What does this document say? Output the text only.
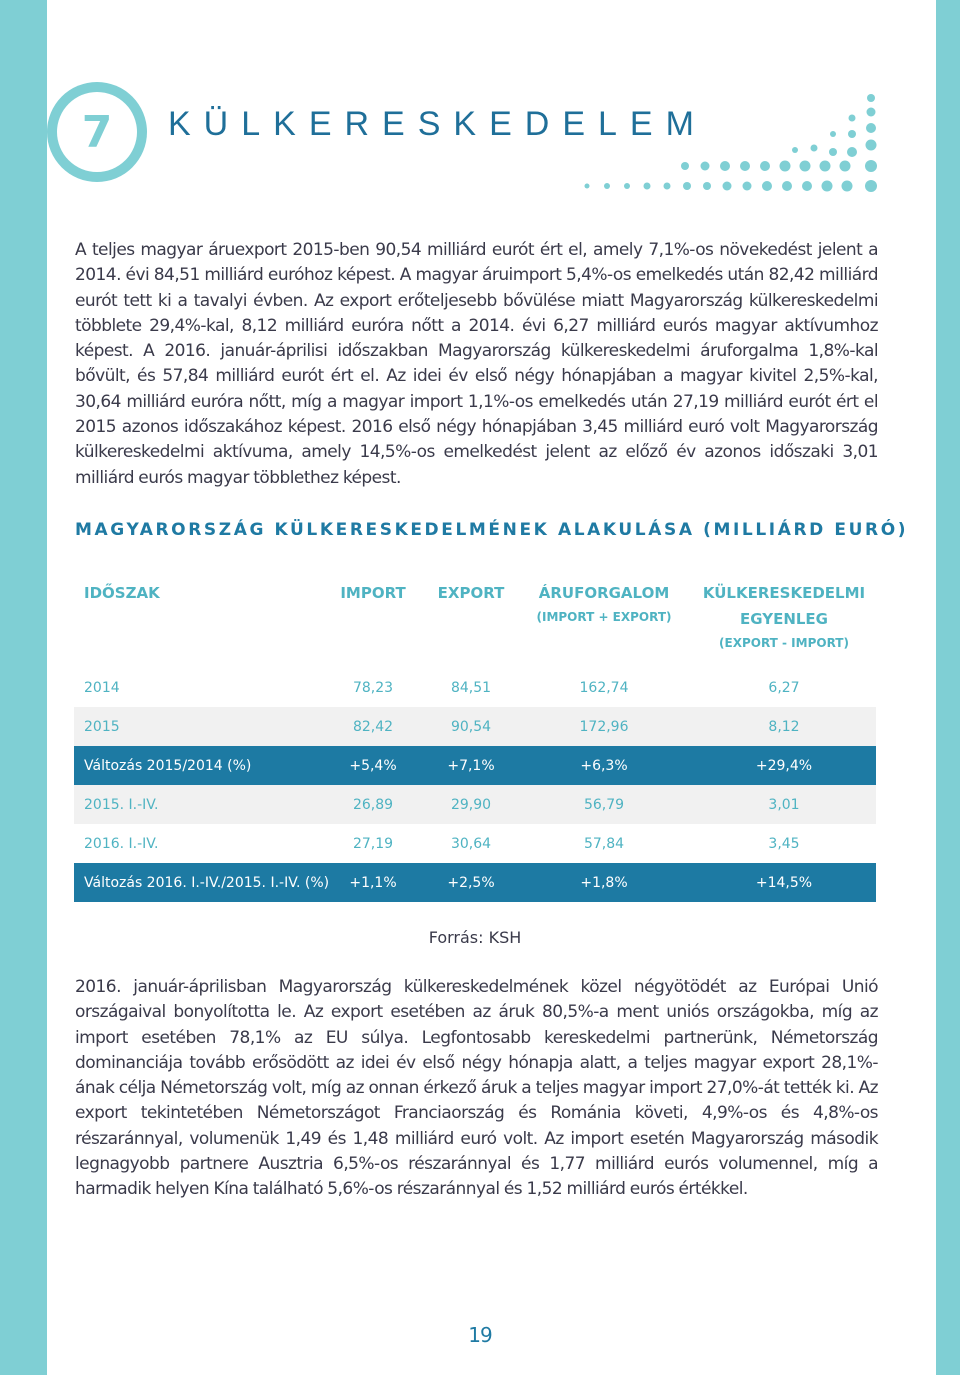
7 KÜLKERESKEDELEM

A teljes magyar áruexport 2015-ben 90,54 milliárd eurót ért el, amely 7,1%-os növekedést jelent a 2014. évi 84,51 milliárd euróhoz képest. A magyar áruimport 5,4%-os emelkedés után 82,42 milliárd eurót tett ki a tavalyi évben. Az export erőteljesebb bővülése miatt Magyarország külkereskedelmi többlete 29,4%-kal, 8,12 milliárd euróra nőtt a 2014. évi 6,27 milliárd eurós magyar aktívumhoz képest. A 2016. január-áprilisi időszakban Magyarország külkereskedelmi áruforgalma 1,8%-kal bővült, és 57,84 milliárd eurót ért el. Az idei év első négy hónapjában a magyar kivitel 2,5%-kal, 30,64 milliárd euróra nőtt, míg a magyar import 1,1%-os emelkedés után 27,19 milliárd eurót ért el 2015 azonos időszakához képest. 2016 első négy hónapjában 3,45 milliárd euró volt Magyarország külkereskedelmi aktívuma, amely 14,5%-os emelkedést jelent az előző év azonos időszaki 3,01 milliárd eurós magyar többlethez képest.

MAGYARORSZÁG KÜLKERESKEDELMÉNEK ALAKULÁSA (MILLIÁRD EURÓ)
IDŐSZAK	IMPORT	EXPORT	ÁRUFORGALOM
(IMPORT + EXPORT)
KÜLKERESKEDELMI
EGYENLEG
(EXPORT - IMPORT)
2014	78,23	84,51	162,74	6,27
2015	82,42	90,54	172,96	8,12
Változás 2015/2014 (%)	+5,4%	+7,1%	+6,3%	+29,4%
2015. I.-IV.	26,89	29,90	56,79	3,01
2016. I.-IV.	27,19	30,64	57,84	3,45
Változás 2016. I.-IV./2015. I.-IV. (%)	+1,1%	+2,5%	+1,8%	+14,5%
Forrás: KSH

2016. január-áprilisban Magyarország külkereskedelmének közel négyötödét az Európai Unió országaival bonyolította le. Az export esetében az áruk 80,5%-a ment uniós országokba, míg az import esetében 78,1% az EU súlya. Legfontosabb kereskedelmi partnerünk, Németország dominanciája tovább erősödött az idei év első négy hónapja alatt, a teljes magyar export 28,1%-ának célja Németország volt, míg az onnan érkező áruk a teljes magyar import 27,0%-át tették ki. Az export tekintetében Németországot Franciaország és Románia követi, 4,9%-os és 4,8%-os részaránnyal, volumenük 1,49 és 1,48 milliárd euró volt. Az import esetén Magyarország második legnagyobb partnere Ausztria 6,5%-os részaránnyal és 1,77 milliárd eurós volumennel, míg a harmadik helyen Kína található 5,6%-os részaránnyal és 1,52 milliárd eurós értékkel.

19
